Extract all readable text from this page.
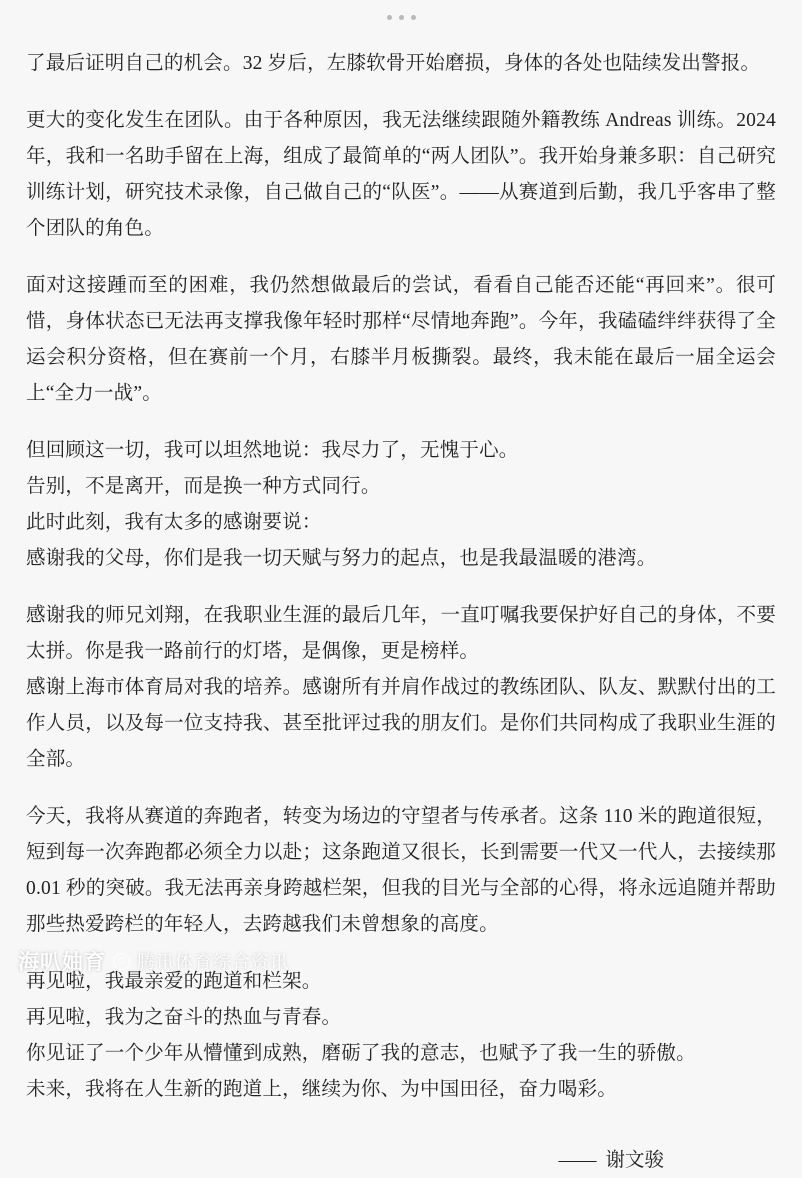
了最后证明自己的机会。32 岁后，左膝软骨开始磨损，身体的各处也陆续发出警报。

更大的变化发生在团队。由于各种原因，我无法继续跟随外籍教练 Andreas 训练。2024 年，我和一名助手留在上海，组成了最简单的“两人团队”。我开始身兼多职：自己研究训练计划，研究技术录像，自己做自己的“队医”。——从赛道到后勤，我几乎客串了整个团队的角色。

面对这接踵而至的困难，我仍然想做最后的尝试，看看自己能否还能“再回来”。很可惜，身体状态已无法再支撑我像年轻时那样“尽情地奔跑”。今年，我磕磕绊绊获得了全运会积分资格，但在赛前一个月，右膝半月板撕裂。最终，我未能在最后一届全运会上“全力一战”。

但回顾这一切，我可以坦然地说：我尽力了，无愧于心。

告别，不是离开，而是换一种方式同行。

此时此刻，我有太多的感谢要说：

感谢我的父母，你们是我一切天赋与努力的起点，也是我最温暖的港湾。

感谢我的师兄刘翔，在我职业生涯的最后几年，一直叮嘱我要保护好自己的身体，不要太拼。你是我一路前行的灯塔，是偶像，更是榜样。

感谢上海市体育局对我的培养。感谢所有并肩作战过的教练团队、队友、默默付出的工作人员，以及每一位支持我、甚至批评过我的朋友们。是你们共同构成了我职业生涯的全部。

今天，我将从赛道的奔跑者，转变为场边的守望者与传承者。这条 110 米的跑道很短，短到每一次奔跑都必须全力以赴；这条跑道又很长，长到需要一代又一代人，去接续那 0.01 秒的突破。我无法再亲身跨越栏架，但我的目光与全部的心得，将永远追随并帮助那些热爱跨栏的年轻人，去跨越我们未曾想象的高度。

再见啦，我最亲爱的跑道和栏架。

再见啦，我为之奋斗的热血与青春。

你见证了一个少年从懵懂到成熟，磨砺了我的意志，也赋予了我一生的骄傲。

未来，我将在人生新的跑道上，继续为你、为中国田径，奋力喝彩。

—— 谢文骏
海叭妯育	© 腾讯体育综合资讯
